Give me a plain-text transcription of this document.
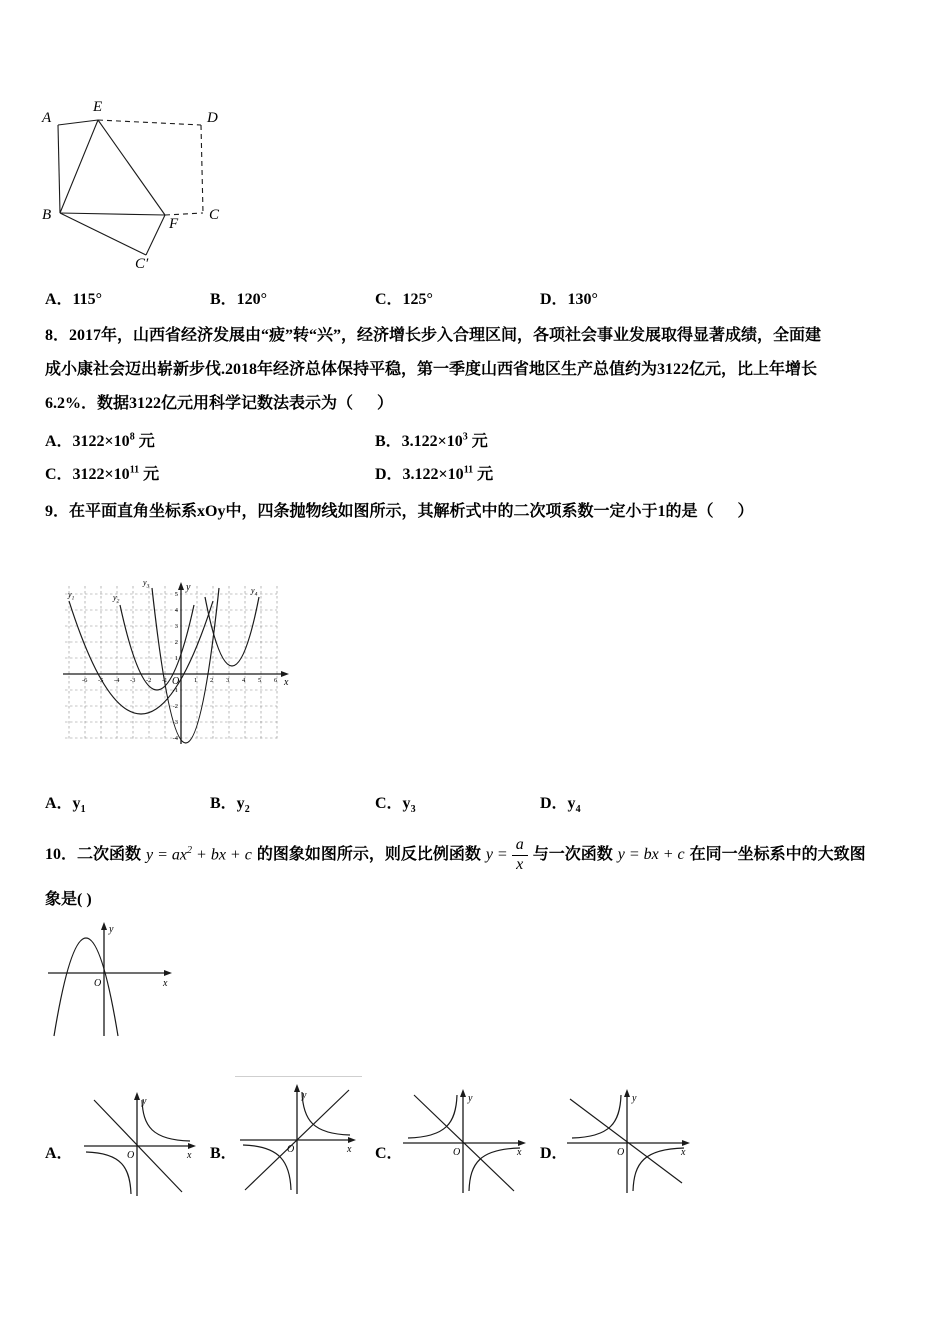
A
E
D
B
F
C
C′
A．115°	B．120°	C．125°	D．130°
8．2017年，山西省经济发展由“疲”转“兴”，经济增长步入合理区间，各项社会事业发展取得显著成绩，全面建
成小康社会迈出崭新步伐.2018年经济总体保持平稳，第一季度山西省地区生产总值约为3122亿元，比上年增长
6.2%．数据3122亿元用科学记数法表示为（      ）
A．$3122\times 10^8$ 元	B．$3.122\times 10^3$ 元
C．$3122\times 10^{11}$ 元	D．$3.122\times 10^{11}$ 元
9．在平面直角坐标系xOy中，四条抛物线如图所示，其解析式中的二次项系数一定小于1的是（      ）
y
x
O
-6 -5 -4 -3 -2 -1	1 2 3 4 5 6
-4
-3
-2
-1
1
2
3
4
5
$y_1$	$y_2$
$y_3$	$y_4$
A．$y_1$	B．$y_2$	C．$y_3$	D．$y_4$
10．二次函数 $y = ax^2$ + bx + c 的图象如图所示，则反比例函数 $y = \frac{a}{x}$ 与一次函数 y = bx + c 在同一坐标系中的大致图
象是( )
y
x
O
A．	B．	C．	D．
y
x
O
y
x
O
y
x
O
y
x
O
